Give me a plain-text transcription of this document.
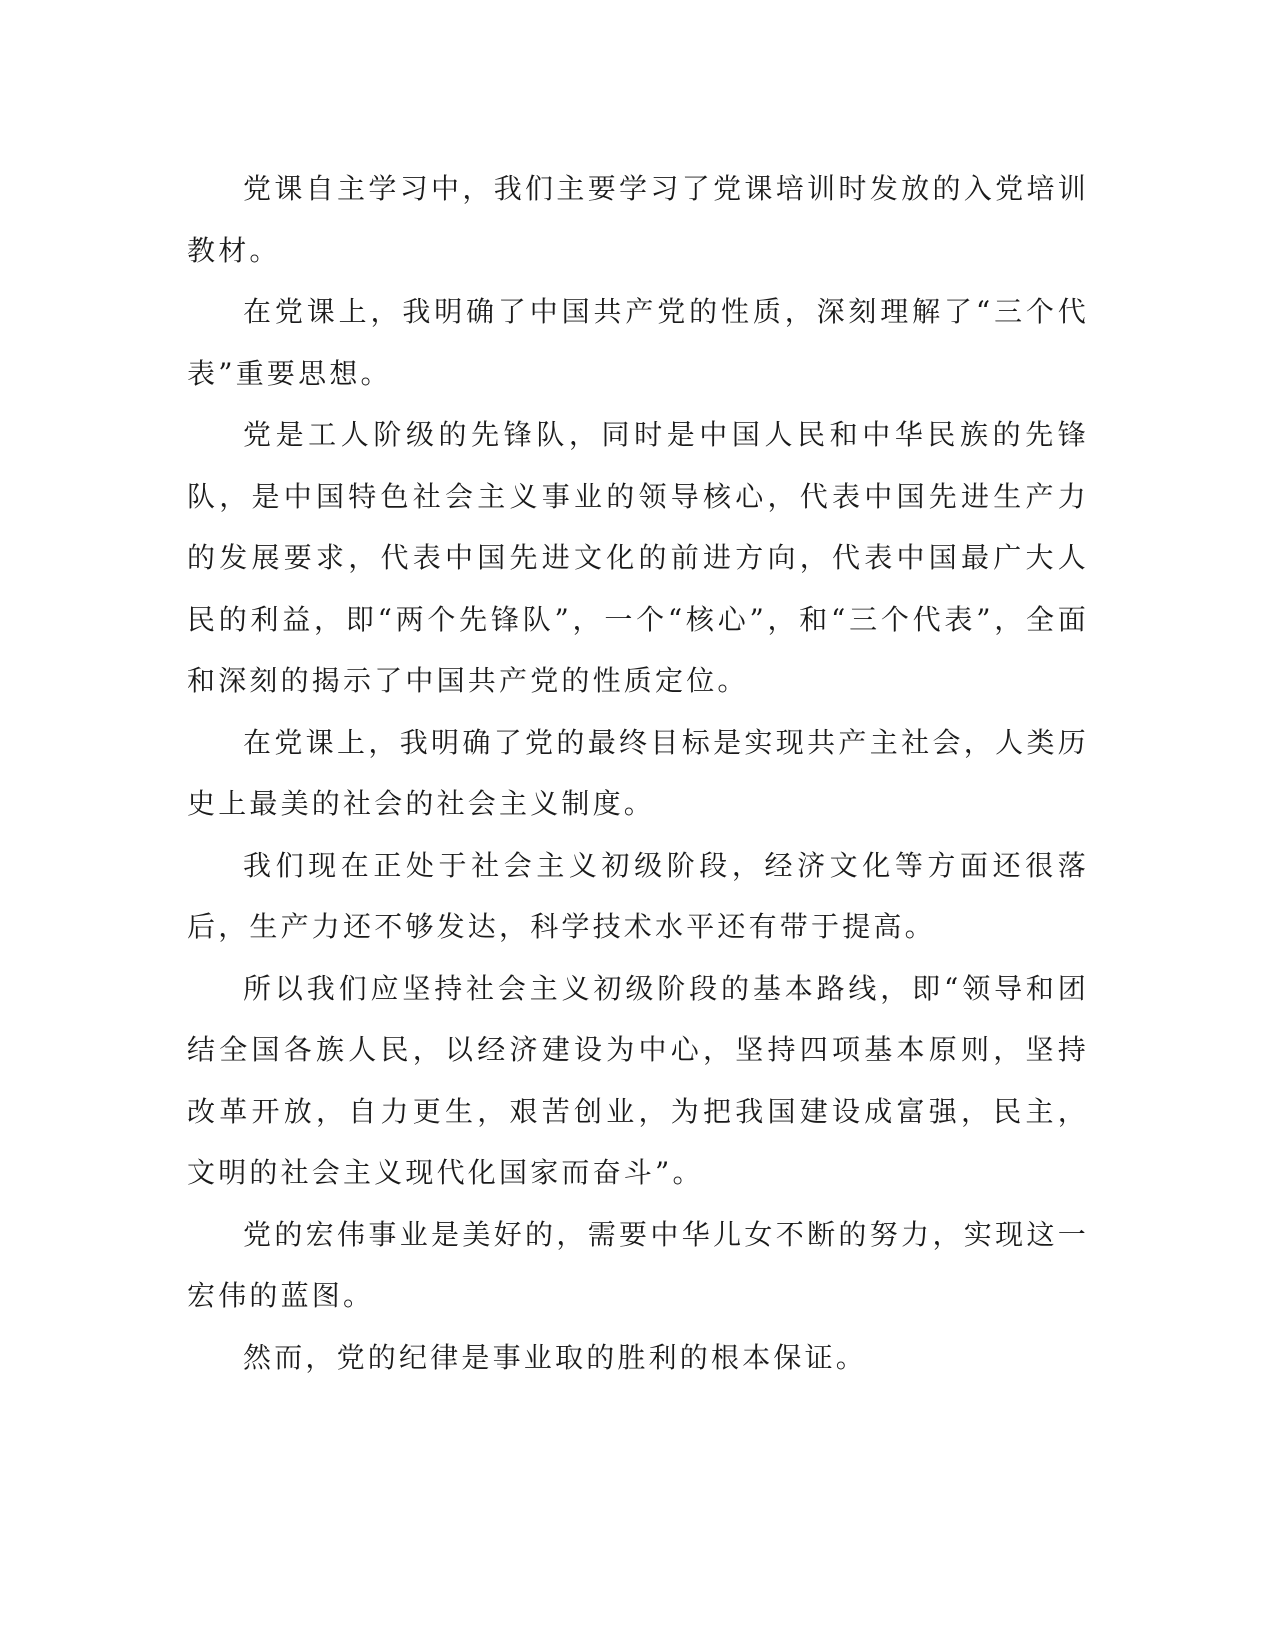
党课自主学习中，我们主要学习了党课培训时发放的入党培训教材。

在党课上，我明确了中国共产党的性质，深刻理解了“三个代表”重要思想。

党是工人阶级的先锋队，同时是中国人民和中华民族的先锋队，是中国特色社会主义事业的领导核心，代表中国先进生产力的发展要求，代表中国先进文化的前进方向，代表中国最广大人民的利益，即“两个先锋队”，一个“核心”，和“三个代表”，全面和深刻的揭示了中国共产党的性质定位。

在党课上，我明确了党的最终目标是实现共产主社会，人类历史上最美的社会的社会主义制度。

我们现在正处于社会主义初级阶段，经济文化等方面还很落后，生产力还不够发达，科学技术水平还有带于提高。

所以我们应坚持社会主义初级阶段的基本路线，即“领导和团结全国各族人民，以经济建设为中心，坚持四项基本原则，坚持改革开放，自力更生，艰苦创业，为把我国建设成富强，民主，文明的社会主义现代化国家而奋斗”。

党的宏伟事业是美好的，需要中华儿女不断的努力，实现这一宏伟的蓝图。

然而，党的纪律是事业取的胜利的根本保证。
